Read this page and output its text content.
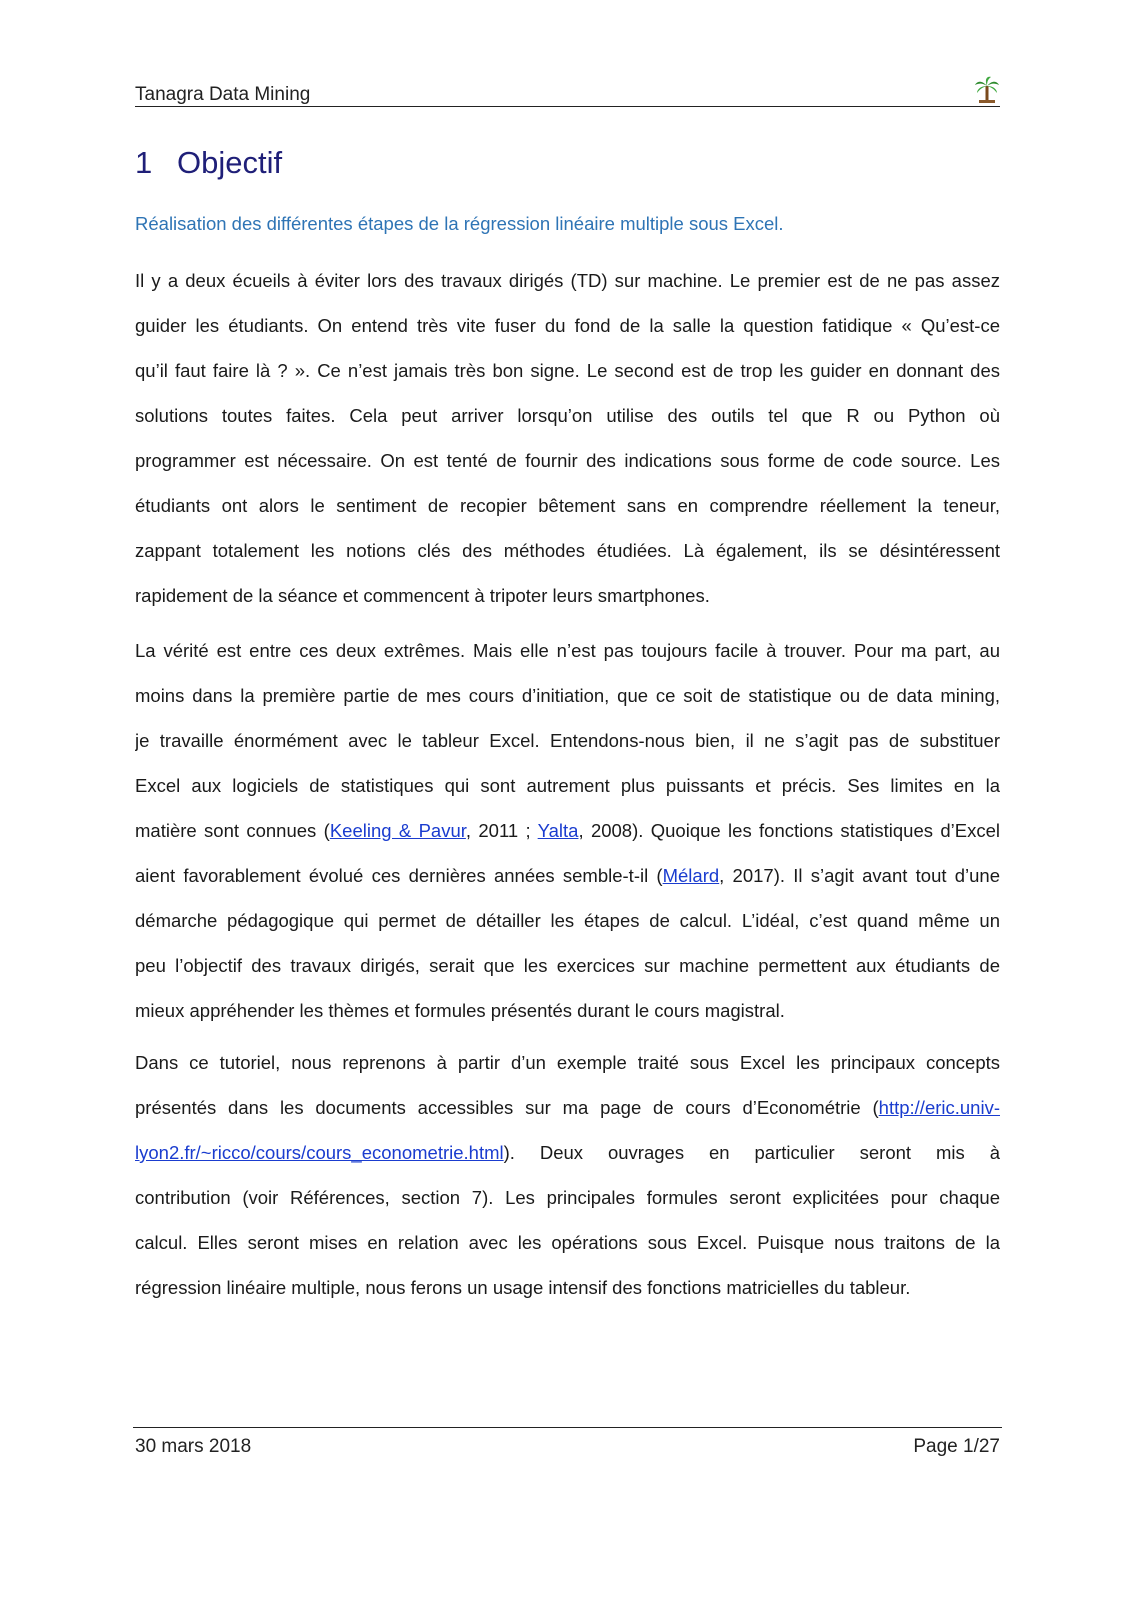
Tanagra Data Mining
1 Objectif
Réalisation des différentes étapes de la régression linéaire multiple sous Excel.
Il y a deux écueils à éviter lors des travaux dirigés (TD) sur machine. Le premier est de ne pas assez
guider les étudiants. On entend très vite fuser du fond de la salle la question fatidique « Qu’est-ce
qu’il faut faire là ? ». Ce n’est jamais très bon signe. Le second est de trop les guider en donnant des
solutions toutes faites. Cela peut arriver lorsqu’on utilise des outils tel que R ou Python où
programmer est nécessaire. On est tenté de fournir des indications sous forme de code source. Les
étudiants ont alors le sentiment de recopier bêtement sans en comprendre réellement la teneur,
zappant totalement les notions clés des méthodes étudiées. Là également, ils se désintéressent
rapidement de la séance et commencent à tripoter leurs smartphones.
La vérité est entre ces deux extrêmes. Mais elle n’est pas toujours facile à trouver. Pour ma part, au
moins dans la première partie de mes cours d’initiation, que ce soit de statistique ou de data mining,
je travaille énormément avec le tableur Excel. Entendons-nous bien, il ne s’agit pas de substituer
Excel aux logiciels de statistiques qui sont autrement plus puissants et précis. Ses limites en la
matière sont connues (Keeling & Pavur, 2011 ; Yalta, 2008). Quoique les fonctions statistiques d’Excel
aient favorablement évolué ces dernières années semble-t-il (Mélard, 2017). Il s’agit avant tout d’une
démarche pédagogique qui permet de détailler les étapes de calcul. L’idéal, c’est quand même un
peu l’objectif des travaux dirigés, serait que les exercices sur machine permettent aux étudiants de
mieux appréhender les thèmes et formules présentés durant le cours magistral.
Dans ce tutoriel, nous reprenons à partir d’un exemple traité sous Excel les principaux concepts
présentés dans les documents accessibles sur ma page de cours d’Econométrie (http://eric.univ-
lyon2.fr/~ricco/cours/cours_econometrie.html).   Deux   ouvrages   en   particulier   seront   mis   à
contribution (voir Références, section 7). Les principales formules seront explicitées pour chaque
calcul. Elles seront mises en relation avec les opérations sous Excel. Puisque nous traitons de la
régression linéaire multiple, nous ferons un usage intensif des fonctions matricielles du tableur.
30 mars 2018	Page 1/27
